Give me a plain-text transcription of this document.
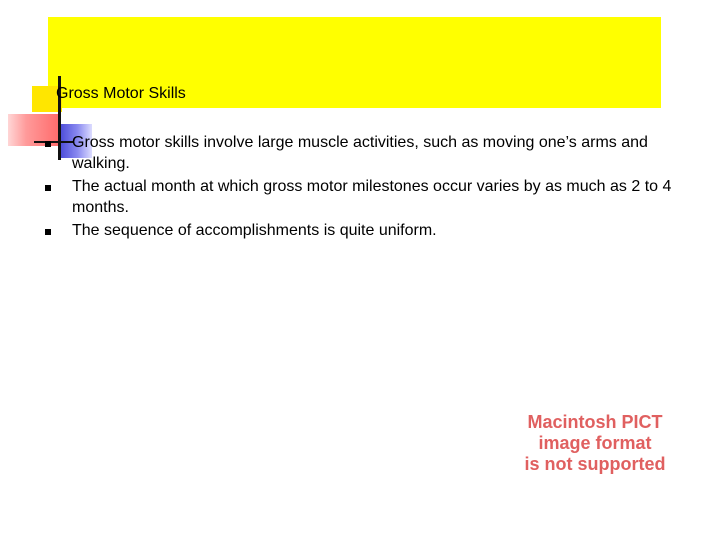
Gross Motor Skills
Gross motor skills involve large muscle activities, such as moving one’s arms and walking.
The actual month at which gross motor milestones occur varies by as much as 2 to 4 months.
The sequence of accomplishments is quite uniform.
Macintosh PICT
image format
is not supported
